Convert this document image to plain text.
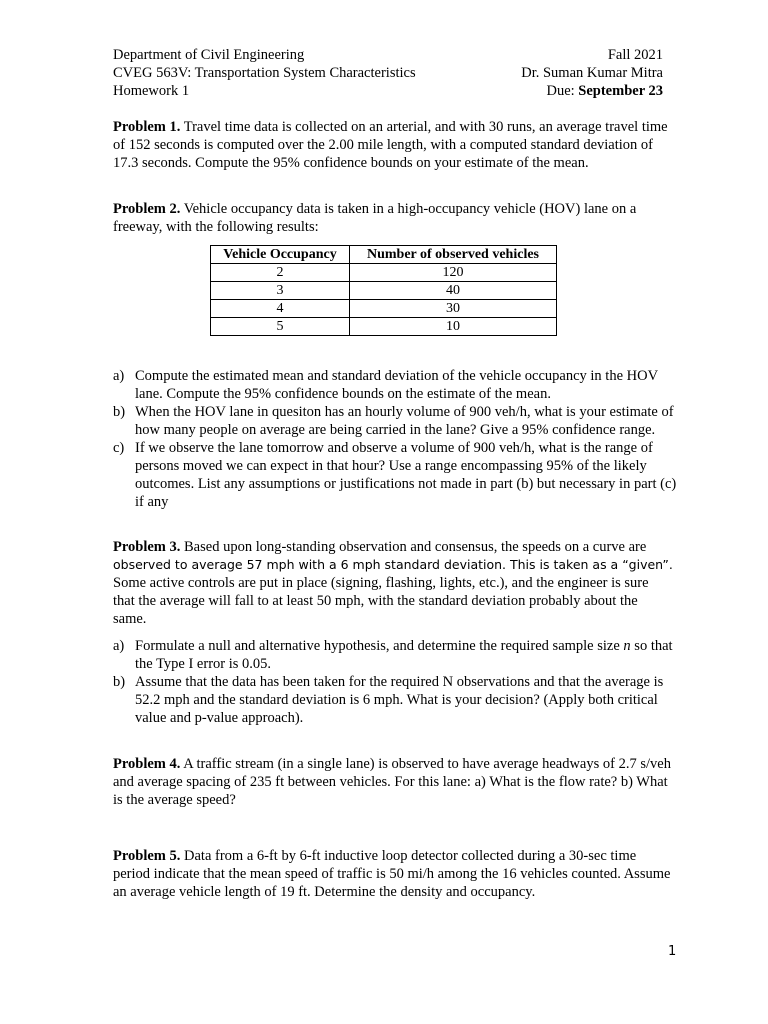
Department of Civil Engineering	Fall 2021
CVEG 563V: Transportation System Characteristics	Dr. Suman Kumar Mitra
Homework 1	Due: September 23

Problem 1. Travel time data is collected on an arterial, and with 30 runs, an average travel time of 152 seconds is computed over the 2.00 mile length, with a computed standard deviation of 17.3 seconds. Compute the 95% confidence bounds on your estimate of the mean.

Problem 2. Vehicle occupancy data is taken in a high-occupancy vehicle (HOV) lane on a freeway, with the following results:

Vehicle Occupancy	Number of observed vehicles
2	120
3	40
4	30
5	10
a) Compute the estimated mean and standard deviation of the vehicle occupancy in the HOV lane. Compute the 95% confidence bounds on the estimate of the mean.
b) When the HOV lane in quesiton has an hourly volume of 900 veh/h, what is your estimate of how many people on average are being carried in the lane? Give a 95% confidence range.
c) If we observe the lane tomorrow and observe a volume of 900 veh/h, what is the range of persons moved we can expect in that hour? Use a range encompassing 95% of the likely outcomes. List any assumptions or justifications not made in part (b) but necessary in part (c) if any

Problem 3. Based upon long-standing observation and consensus, the speeds on a curve are
observed to average 57 mph with a 6 mph standard deviation. This is taken as a “given”.
Some active controls are put in place (signing, flashing, lights, etc.), and the engineer is sure that the average will fall to at least 50 mph, with the standard deviation probably about the same.

a) Formulate a null and alternative hypothesis, and determine the required sample size n so that the Type I error is 0.05.
b) Assume that the data has been taken for the required N observations and that the average is 52.2 mph and the standard deviation is 6 mph. What is your decision? (Apply both critical value and p-value approach).

Problem 4. A traffic stream (in a single lane) is observed to have average headways of 2.7 s/veh and average spacing of 235 ft between vehicles. For this lane: a) What is the flow rate? b) What is the average speed?

Problem 5. Data from a 6-ft by 6-ft inductive loop detector collected during a 30-sec time period indicate that the mean speed of traffic is 50 mi/h among the 16 vehicles counted. Assume an average vehicle length of 19 ft. Determine the density and occupancy.

1
